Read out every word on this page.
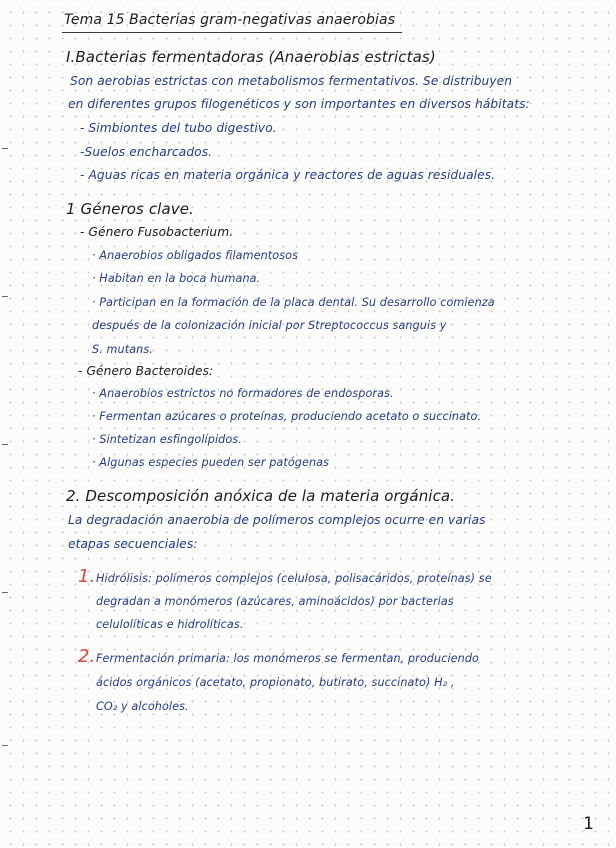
Tema 15 Bacterias gram-negativas anaerobias
I.Bacterias fermentadoras (Anaerobias estrictas)
Son aerobias estrictas con metabolismos fermentativos. Se distribuyen
en diferentes grupos filogenéticos y son importantes en diversos hábitats:
- Simbiontes del tubo digestivo.
-Suelos encharcados.
- Aguas ricas en materia orgánica y reactores de aguas residuales.
1 Géneros clave.
- Género Fusobacterium.
· Anaerobios obligados filamentosos
· Habitan en la boca humana.
· Participan en la formación de la placa dental. Su desarrollo comienza
después de la colonización inicial por Streptococcus sanguis y
S. mutans.
- Género Bacteroides:
· Anaerobios estrictos no formadores de endosporas.
· Fermentan azúcares o proteínas, produciendo acetato o succinato.
· Sintetizan esfingolípidos.
· Algunas especies pueden ser patógenas
2. Descomposición anóxica de la materia orgánica.
La degradación anaerobia de polímeros complejos ocurre en varias
etapas secuenciales:
1. Hidrólisis: polímeros complejos (celulosa, polisacáridos, proteínas) se
degradan a monómeros (azúcares, aminoácidos) por bacterias
celulolíticas e hidrolíticas.
2. Fermentación primaria: los monómeros se fermentan, produciendo
ácidos orgánicos (acetato, propionato, butirato, succinato) H₂ ,
CO₂ y alcoholes.
1
